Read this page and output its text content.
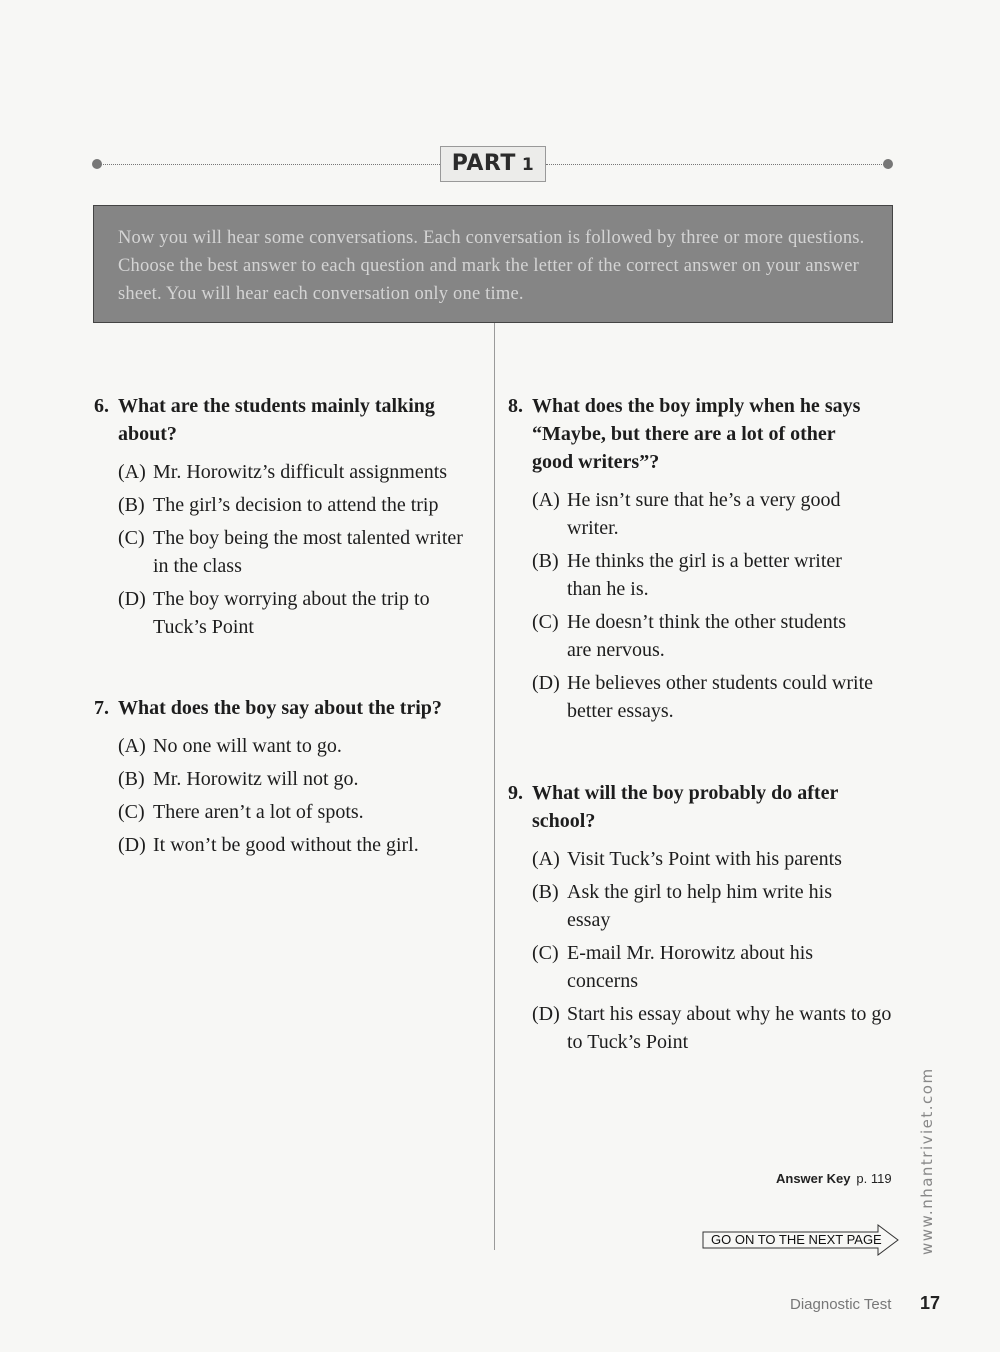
PART 1
Now you will hear some conversations. Each conversation is followed by three or more questions. Choose the best answer to each question and mark the letter of the correct answer on your answer sheet. You will hear each conversation only one time.
6. What are the students mainly talking about?
(A) Mr. Horowitz’s difficult assignments
(B) The girl’s decision to attend the trip
(C) The boy being the most talented writer in the class
(D) The boy worrying about the trip to Tuck’s Point
7. What does the boy say about the trip?
(A) No one will want to go.
(B) Mr. Horowitz will not go.
(C) There aren’t a lot of spots.
(D) It won’t be good without the girl.
8. What does the boy imply when he says “Maybe, but there are a lot of other good writers”?
(A) He isn’t sure that he’s a very good writer.
(B) He thinks the girl is a better writer than he is.
(C) He doesn’t think the other students are nervous.
(D) He believes other students could write better essays.
9. What will the boy probably do after school?
(A) Visit Tuck’s Point with his parents
(B) Ask the girl to help him write his essay
(C) E-mail Mr. Horowitz about his concerns
(D) Start his essay about why he wants to go to Tuck’s Point
Answer Key p. 119
GO ON TO THE NEXT PAGE www.nhantriviet.com
Diagnostic Test 17
